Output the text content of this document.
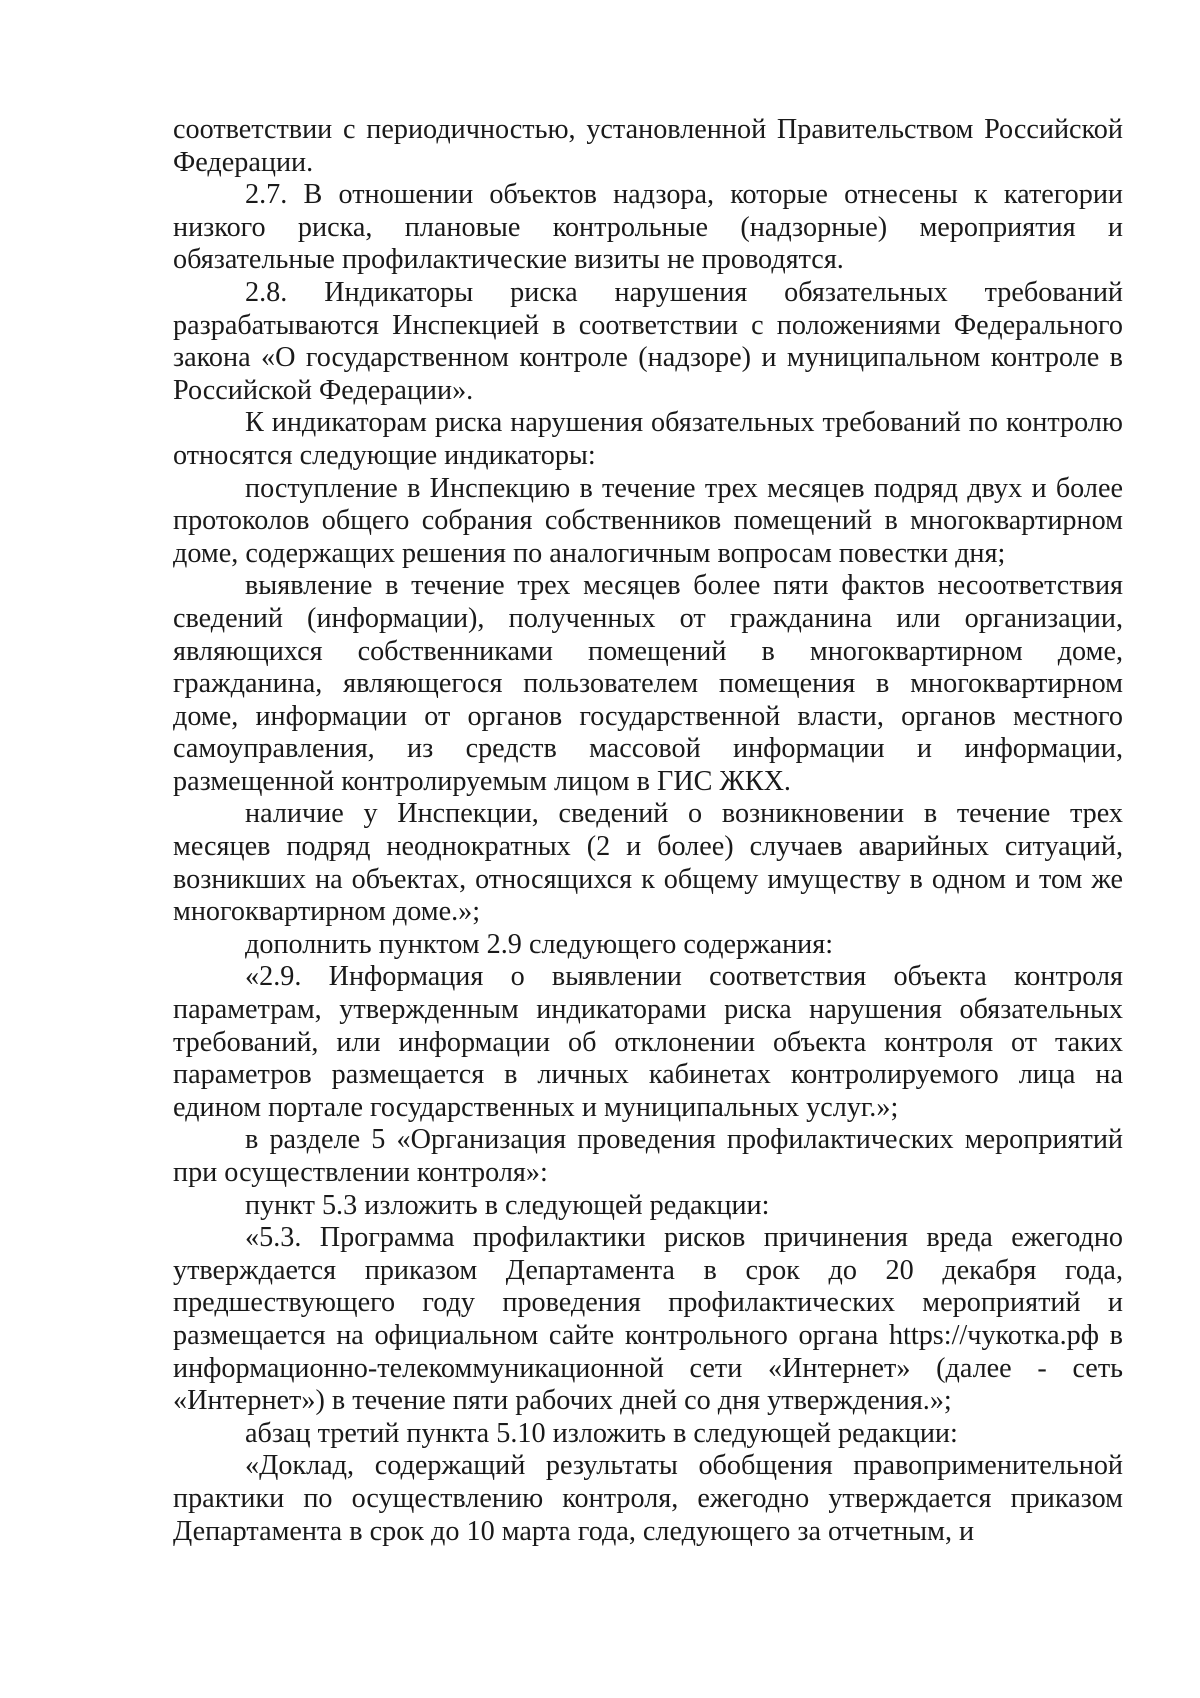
соответствии с периодичностью, установленной Правительством Российской Федерации.

2.7. В отношении объектов надзора, которые отнесены к категории низкого риска, плановые контрольные (надзорные) мероприятия и обязательные профилактические визиты не проводятся.

2.8. Индикаторы риска нарушения обязательных требований разрабатываются Инспекцией в соответствии с положениями Федерального закона «О государственном контроле (надзоре) и муниципальном контроле в Российской Федерации».

К индикаторам риска нарушения обязательных требований по контролю относятся следующие индикаторы:

поступление в Инспекцию в течение трех месяцев подряд двух и более протоколов общего собрания собственников помещений в многоквартирном доме, содержащих решения по аналогичным вопросам повестки дня;

выявление в течение трех месяцев более пяти фактов несоответствия сведений (информации), полученных от гражданина или организации, являющихся собственниками помещений в многоквартирном доме, гражданина, являющегося пользователем помещения в многоквартирном доме, информации от органов государственной власти, органов местного самоуправления, из средств массовой информации и информации, размещенной контролируемым лицом в ГИС ЖКХ.

наличие у Инспекции, сведений о возникновении в течение трех месяцев подряд неоднократных (2 и более) случаев аварийных ситуаций, возникших на объектах, относящихся к общему имуществу в одном и том же многоквартирном доме.»;

дополнить пунктом 2.9 следующего содержания:

«2.9. Информация о выявлении соответствия объекта контроля параметрам, утвержденным индикаторами риска нарушения обязательных требований, или информации об отклонении объекта контроля от таких параметров размещается в личных кабинетах контролируемого лица на едином портале государственных и муниципальных услуг.»;

в разделе 5 «Организация проведения профилактических мероприятий при осуществлении контроля»:

пункт 5.3 изложить в следующей редакции:

«5.3. Программа профилактики рисков причинения вреда ежегодно утверждается приказом Департамента в срок до 20 декабря года, предшествующего году проведения профилактических мероприятий и размещается на официальном сайте контрольного органа https://чукотка.рф в информационно-телекоммуникационной сети «Интернет» (далее - сеть «Интернет») в течение пяти рабочих дней со дня утверждения.»;

абзац третий пункта 5.10 изложить в следующей редакции:

«Доклад, содержащий результаты обобщения правоприменительной практики по осуществлению контроля, ежегодно утверждается приказом Департамента в срок до 10 марта года, следующего за отчетным, и
